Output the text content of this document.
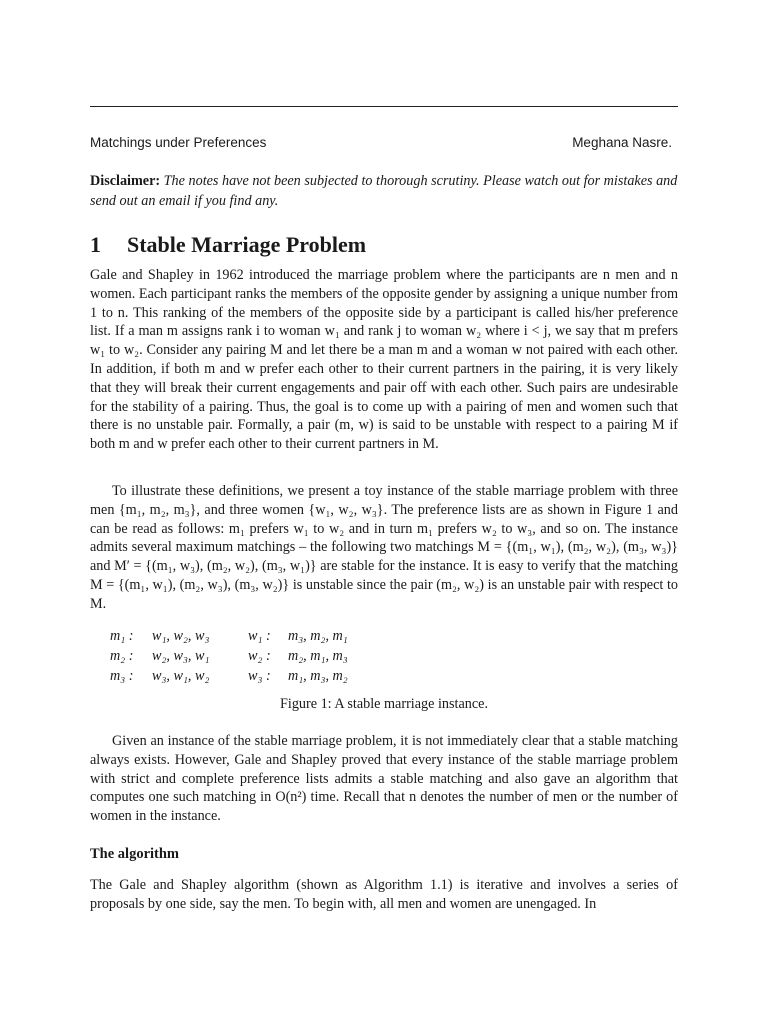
Matchings under Preferences	Meghana Nasre.
Disclaimer: The notes have not been subjected to thorough scrutiny. Please watch out for mistakes and send out an email if you find any.
1 Stable Marriage Problem
Gale and Shapley in 1962 introduced the marriage problem where the participants are n men and n women. Each participant ranks the members of the opposite gender by assigning a unique number from 1 to n. This ranking of the members of the opposite side by a participant is called his/her preference list. If a man m assigns rank i to woman w₁ and rank j to woman w₂ where i < j, we say that m prefers w₁ to w₂. Consider any pairing M and let there be a man m and a woman w not paired with each other. In addition, if both m and w prefer each other to their current partners in the pairing, it is very likely that they will break their current engagements and pair off with each other. Such pairs are undesirable for the stability of a pairing. Thus, the goal is to come up with a pairing of men and women such that there is no unstable pair. Formally, a pair (m, w) is said to be unstable with respect to a pairing M if both m and w prefer each other to their current partners in M.
To illustrate these definitions, we present a toy instance of the stable marriage problem with three men {m₁, m₂, m₃}, and three women {w₁, w₂, w₃}. The preference lists are as shown in Figure 1 and can be read as follows: m₁ prefers w₁ to w₂ and in turn m₁ prefers w₂ to w₃, and so on. The instance admits several maximum matchings – the following two matchings M = {(m₁, w₁), (m₂, w₂), (m₃, w₃)} and M′ = {(m₁, w₃), (m₂, w₂), (m₃, w₁)} are stable for the instance. It is easy to verify that the matching M = {(m₁, w₁), (m₂, w₃), (m₃, w₂)} is unstable since the pair (m₂, w₂) is an unstable pair with respect to M.
m₁ : w₁, w₂, w₃	w₁ : m₃, m₂, m₁
m₂ : w₂, w₃, w₁	w₂ : m₂, m₁, m₃
m₃ : w₃, w₁, w₂	w₃ : m₁, m₃, m₂
Figure 1: A stable marriage instance.
Given an instance of the stable marriage problem, it is not immediately clear that a stable matching always exists. However, Gale and Shapley proved that every instance of the stable marriage problem with strict and complete preference lists admits a stable matching and also gave an algorithm that computes one such matching in O(n²) time. Recall that n denotes the number of men or the number of women in the instance.
The algorithm
The Gale and Shapley algorithm (shown as Algorithm 1.1) is iterative and involves a series of proposals by one side, say the men. To begin with, all men and women are unengaged. In
